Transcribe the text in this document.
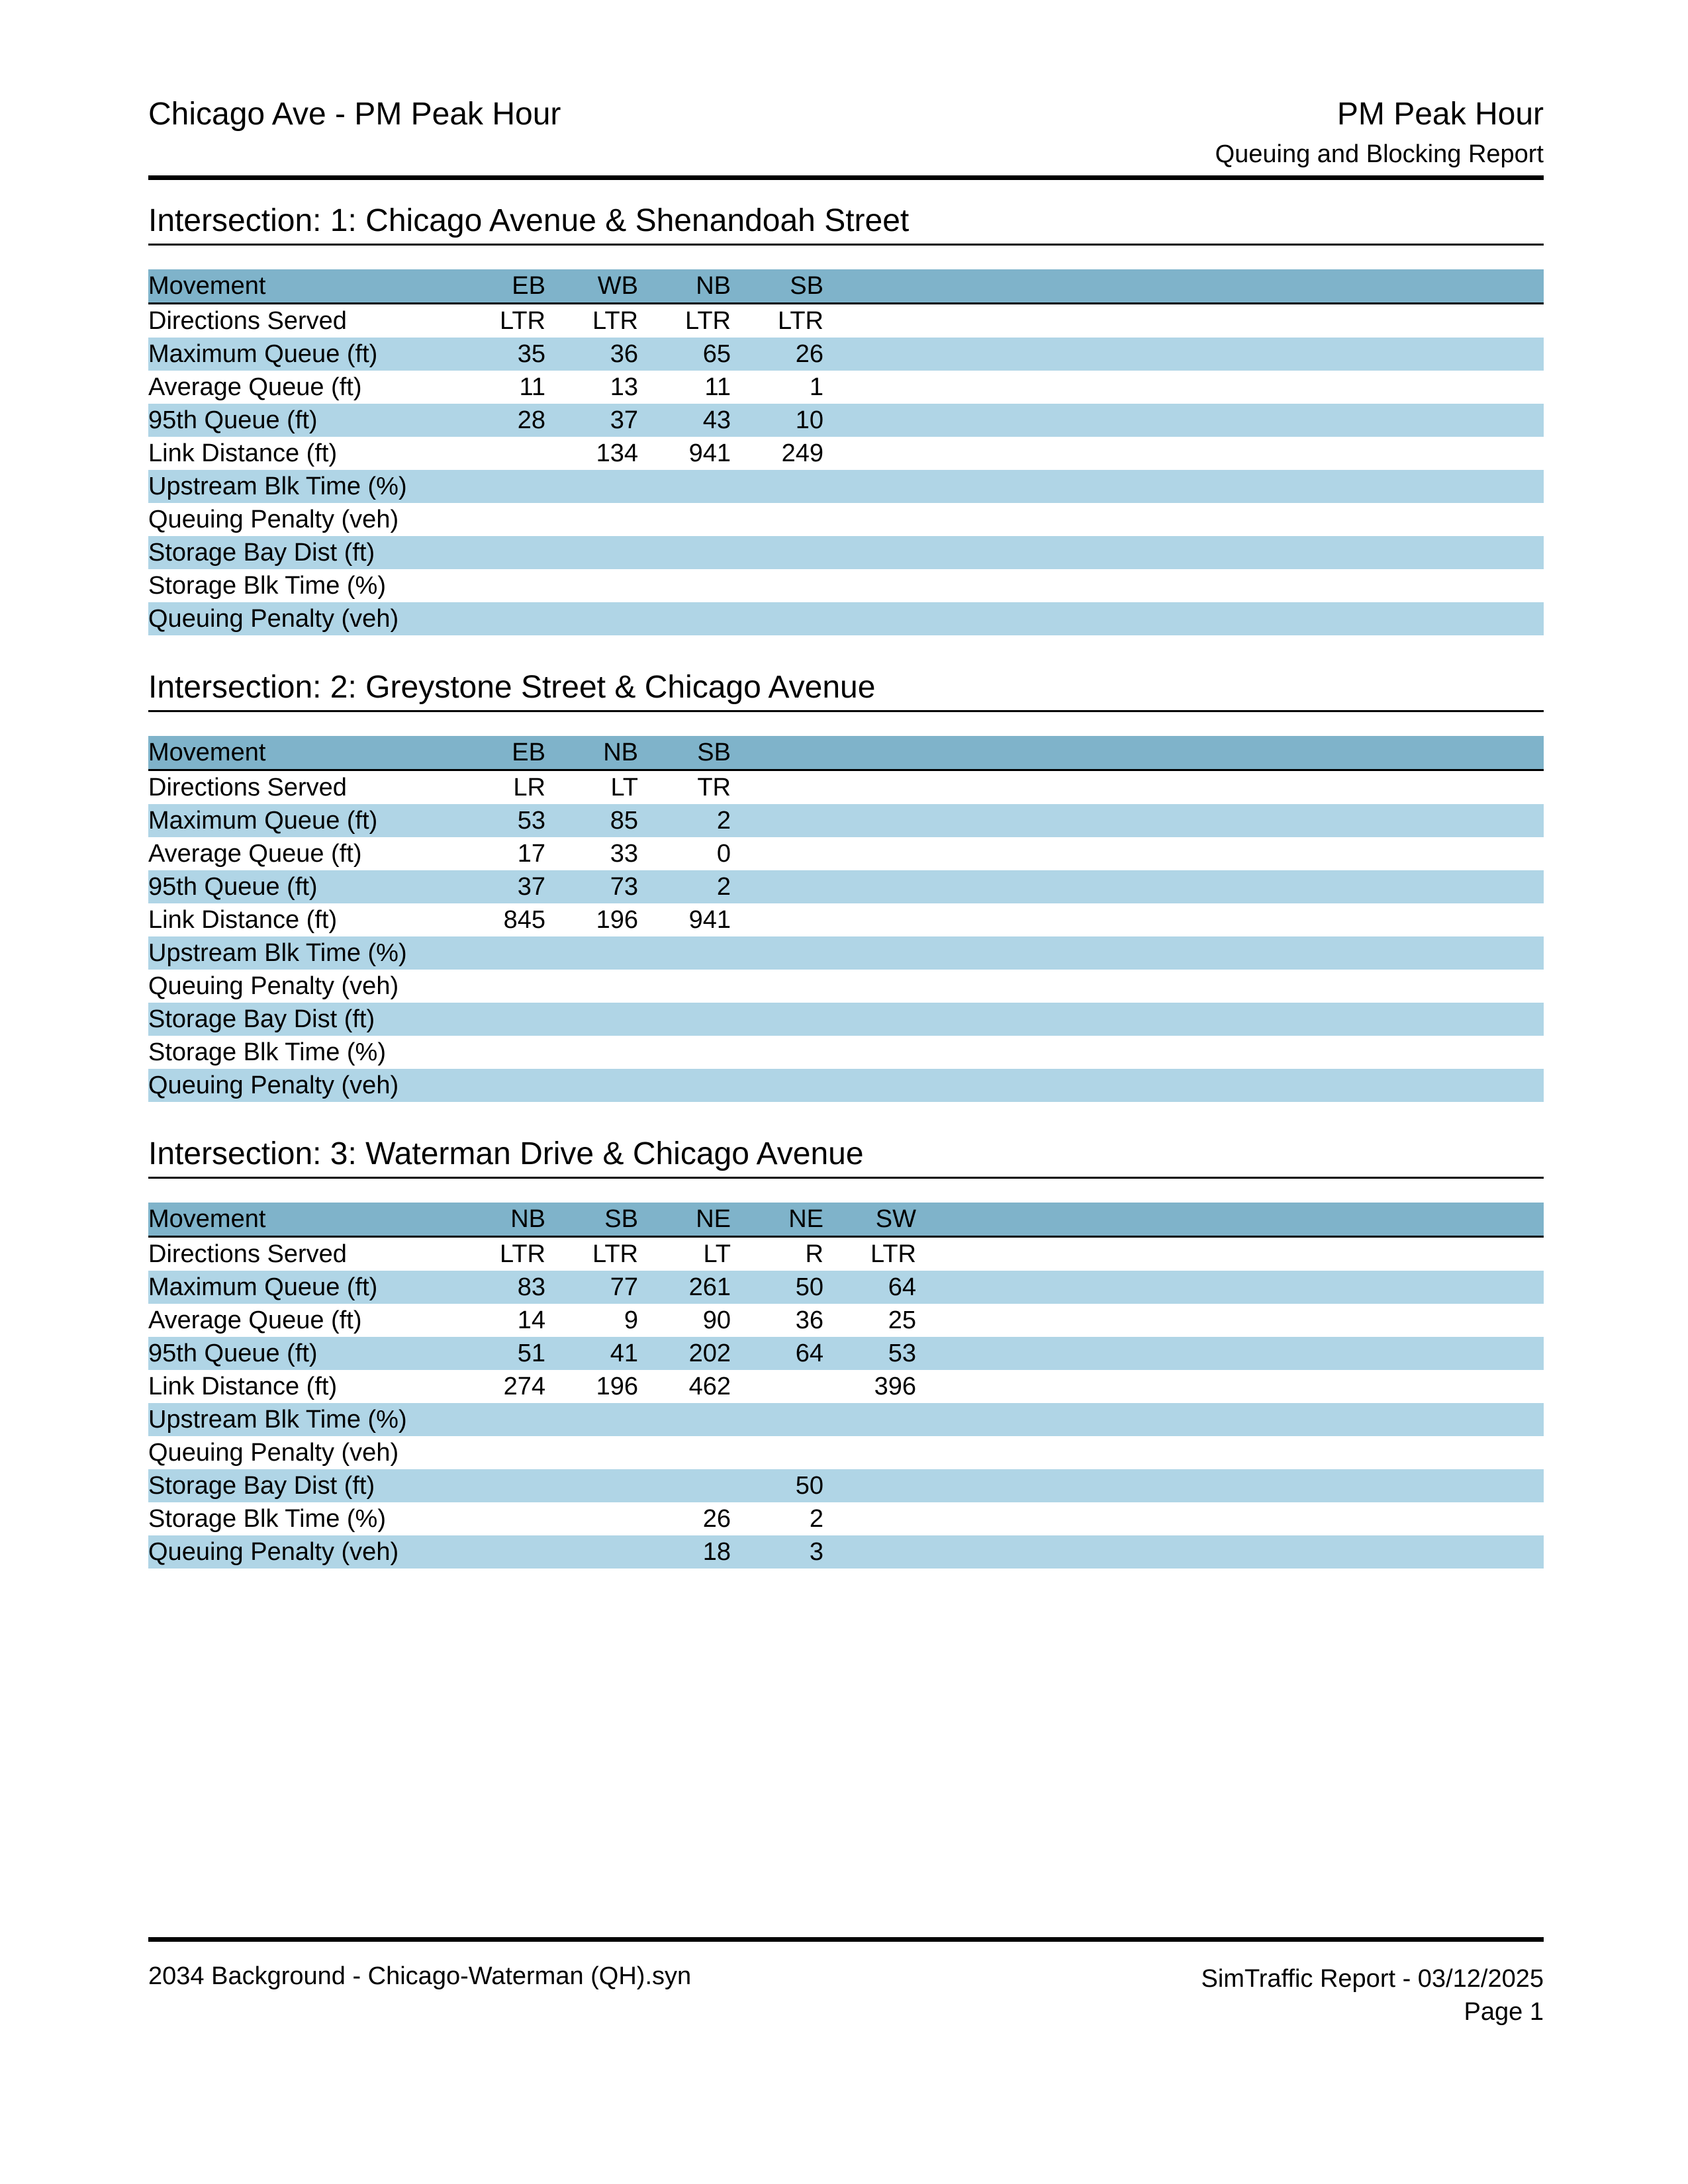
Chicago Ave - PM Peak Hour	PM Peak Hour
Queuing and Blocking Report
Intersection: 1: Chicago Avenue & Shenandoah Street
Movement	EB	WB	NB	SB	
Directions Served	LTR	LTR	LTR	LTR	
Maximum Queue (ft)	35	36	65	26	
Average Queue (ft)	11	13	11	1	
95th Queue (ft)	28	37	43	10	
Link Distance (ft)		134	941	249	
Upstream Blk Time (%)					
Queuing Penalty (veh)					
Storage Bay Dist (ft)					
Storage Blk Time (%)					
Queuing Penalty (veh)					
Intersection: 2: Greystone Street & Chicago Avenue
Movement	EB	NB	SB	
Directions Served	LR	LT	TR	
Maximum Queue (ft)	53	85	2	
Average Queue (ft)	17	33	0	
95th Queue (ft)	37	73	2	
Link Distance (ft)	845	196	941	
Upstream Blk Time (%)				
Queuing Penalty (veh)				
Storage Bay Dist (ft)				
Storage Blk Time (%)				
Queuing Penalty (veh)				
Intersection: 3: Waterman Drive & Chicago Avenue
Movement	NB	SB	NE	NE	SW	
Directions Served	LTR	LTR	LT	R	LTR	
Maximum Queue (ft)	83	77	261	50	64	
Average Queue (ft)	14	9	90	36	25	
95th Queue (ft)	51	41	202	64	53	
Link Distance (ft)	274	196	462		396	
Upstream Blk Time (%)						
Queuing Penalty (veh)						
Storage Bay Dist (ft)				50		
Storage Blk Time (%)			26	2		
Queuing Penalty (veh)			18	3		
2034 Background - Chicago-Waterman (QH).syn	SimTraffic Report - 03/12/2025
Page 1
